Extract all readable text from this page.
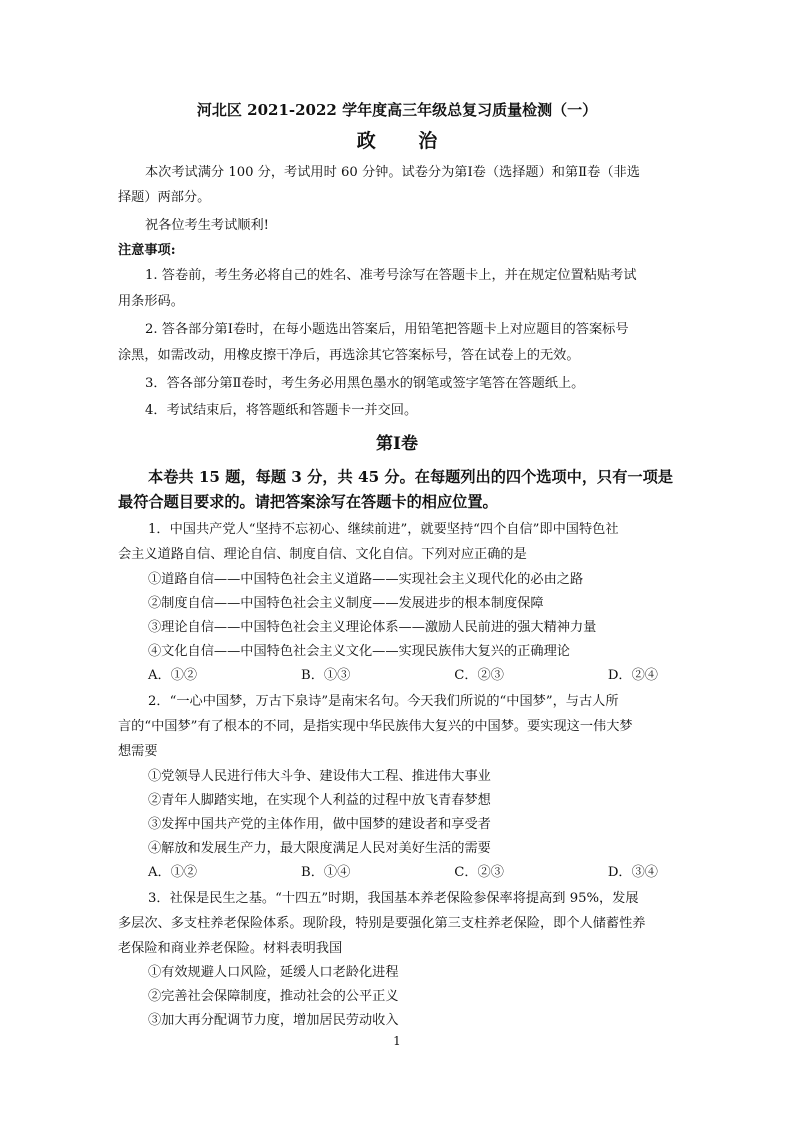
河北区 2021-2022 学年度高三年级总复习质量检测（一）
政 治
本次考试满分 100 分，考试用时 60 分钟。试卷分为第Ⅰ卷（选择题）和第Ⅱ卷（非选
择题）两部分。
祝各位考生考试顺利!
注意事项:
1. 答卷前，考生务必将自己的姓名、准考号涂写在答题卡上，并在规定位置粘贴考试
用条形码。
2. 答各部分第Ⅰ卷时，在每小题选出答案后，用铅笔把答题卡上对应题目的答案标号
涂黑，如需改动，用橡皮擦干净后，再选涂其它答案标号，答在试卷上的无效。
3．答各部分第Ⅱ卷时，考生务必用黑色墨水的钢笔或签字笔答在答题纸上。
4．考试结束后，将答题纸和答题卡一并交回。
第Ⅰ卷
本卷共 15 题，每题 3 分，共 45 分。在每题列出的四个选项中，只有一项是
最符合题目要求的。请把答案涂写在答题卡的相应位置。
1．中国共产党人“坚持不忘初心、继续前进”，就要坚持“四个自信”即中国特色社
会主义道路自信、理论自信、制度自信、文化自信。下列对应正确的是
①道路自信——中国特色社会主义道路——实现社会主义现代化的必由之路
②制度自信——中国特色社会主义制度——发展进步的根本制度保障
③理论自信——中国特色社会主义理论体系——激励人民前进的强大精神力量
④文化自信——中国特色社会主义文化——实现民族伟大复兴的正确理论
A．①②	B．①③	C．②③	D．②④
2．“一心中国梦，万古下泉诗”是南宋名句。今天我们所说的“中国梦”，与古人所
言的“中国梦”有了根本的不同，是指实现中华民族伟大复兴的中国梦。要实现这一伟大梦
想需要
①党领导人民进行伟大斗争、建设伟大工程、推进伟大事业
②青年人脚踏实地，在实现个人利益的过程中放飞青春梦想
③发挥中国共产党的主体作用，做中国梦的建设者和享受者
④解放和发展生产力，最大限度满足人民对美好生活的需要
A．①②	B．①④	C．②③	D．③④
3．社保是民生之基。“十四五”时期，我国基本养老保险参保率将提高到 95%，发展
多层次、多支柱养老保险体系。现阶段，特别是要强化第三支柱养老保险，即个人储蓄性养
老保险和商业养老保险。材料表明我国
①有效规避人口风险，延缓人口老龄化进程
②完善社会保障制度，推动社会的公平正义
③加大再分配调节力度，增加居民劳动收入
1
